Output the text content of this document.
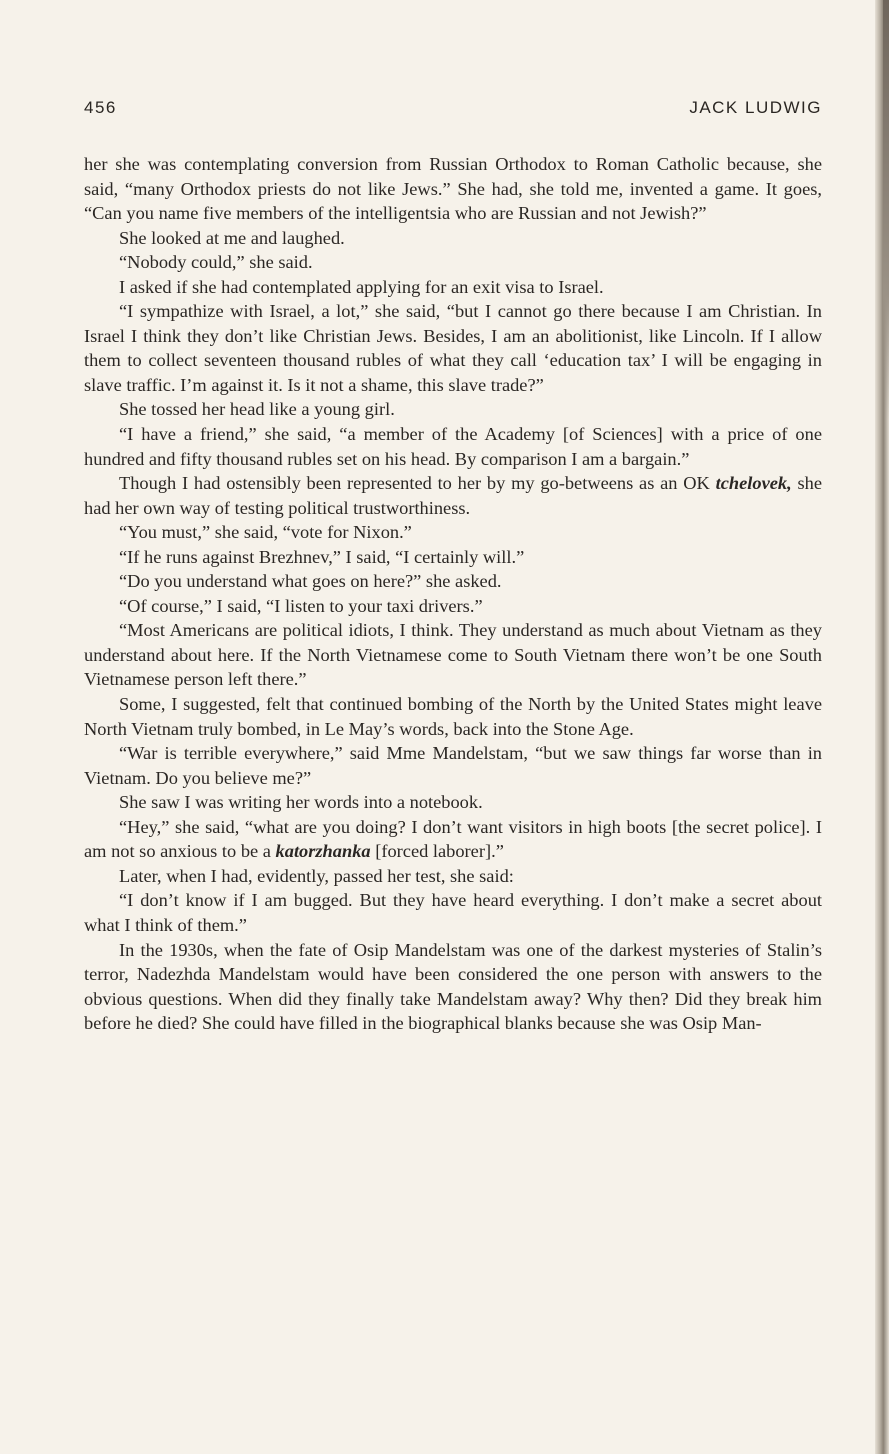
456	JACK LUDWIG

her she was contemplating conversion from Russian Orthodox to Roman Catholic because, she said, “many Orthodox priests do not like Jews.” She had, she told me, invented a game. It goes, “Can you name five members of the intelligentsia who are Russian and not Jewish?”

She looked at me and laughed.

“Nobody could,” she said.

I asked if she had contemplated applying for an exit visa to Israel.

“I sympathize with Israel, a lot,” she said, “but I cannot go there because I am Christian. In Israel I think they don’t like Christian Jews. Besides, I am an abolitionist, like Lincoln. If I allow them to collect seventeen thousand rubles of what they call ‘education tax’ I will be engaging in slave traffic. I’m against it. Is it not a shame, this slave trade?”

She tossed her head like a young girl.

“I have a friend,” she said, “a member of the Academy [of Sciences] with a price of one hundred and fifty thousand rubles set on his head. By comparison I am a bargain.”

Though I had ostensibly been represented to her by my go-betweens as an OK tchelovek, she had her own way of testing political trustworthiness.

“You must,” she said, “vote for Nixon.”

“If he runs against Brezhnev,” I said, “I certainly will.”

“Do you understand what goes on here?” she asked.

“Of course,” I said, “I listen to your taxi drivers.”

“Most Americans are political idiots, I think. They understand as much about Vietnam as they understand about here. If the North Vietnamese come to South Vietnam there won’t be one South Vietnamese person left there.”

Some, I suggested, felt that continued bombing of the North by the United States might leave North Vietnam truly bombed, in Le May’s words, back into the Stone Age.

“War is terrible everywhere,” said Mme Mandelstam, “but we saw things far worse than in Vietnam. Do you believe me?”

She saw I was writing her words into a notebook.

“Hey,” she said, “what are you doing? I don’t want visitors in high boots [the secret police]. I am not so anxious to be a katorzhanka [forced laborer].”

Later, when I had, evidently, passed her test, she said:

“I don’t know if I am bugged. But they have heard everything. I don’t make a secret about what I think of them.”

In the 1930s, when the fate of Osip Mandelstam was one of the darkest mysteries of Stalin’s terror, Nadezhda Mandelstam would have been considered the one person with answers to the obvious questions. When did they finally take Mandelstam away? Why then? Did they break him before he died? She could have filled in the biographical blanks because she was Osip Man-
